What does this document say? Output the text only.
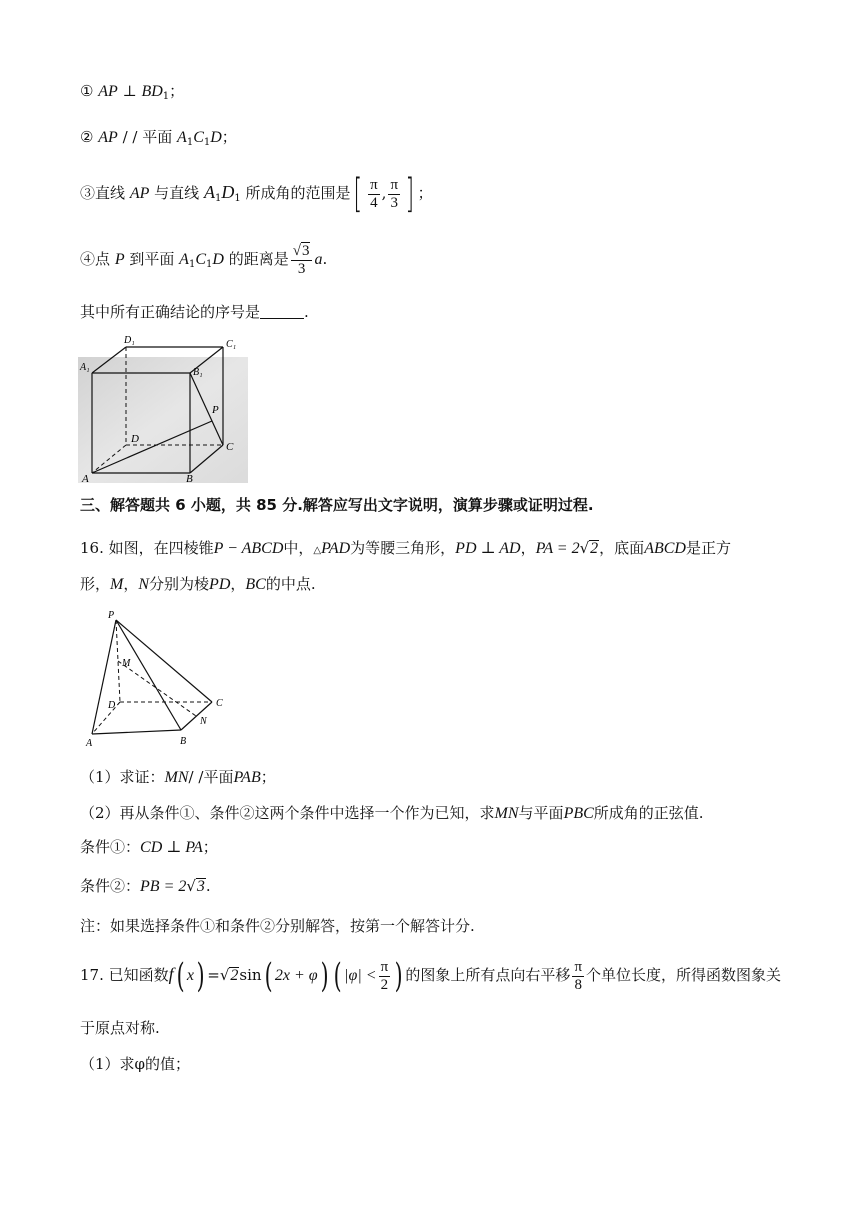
① AP ⊥ $BD_1$；
② AP / / 平面 $A_1C_1D$；
③直线 AP 与直线 $A_1D_1$ 所成角的范围是[ $\frac{\pi}{4}$ , $\frac{\pi}{3}$ ] ；
④点 P 到平面 $A_1C_1D$ 的距离是 $\frac{√3}{3} a$.
其中所有正确结论的序号是	.
A₁
D₁	C₁
B₁
P
D
C
A	B
三、解答题共 6 小题，共 85 分.解答应写出文字说明，演算步骤或证明过程.
16. 如图，在四棱锥P − ABCD中，△PAD为等腰三角形，PD ⊥ AD，PA = 2√2，底面ABCD是正方
形，M，N分别为棱PD，BC的中点.
P
M
D	C
N
A	B
（1）求证：MN/ /平面PAB；
（2）再从条件①、条件②这两个条件中选择一个作为已知，求MN与平面PBC所成角的正弦值.
条件①：CD ⊥ PA；
条件②：PB = 2√3.
注：如果选择条件①和条件②分别解答，按第一个解答计分.
17. 已知函数f( x) =√2sin( 2x + φ) ( $|\varphi| < \frac{\pi}{2}$ ) 的图象上所有点向右平移 $\frac{\pi}{8}$ 个单位长度，所得函数图象关
于原点对称.
（1）求φ的值；
